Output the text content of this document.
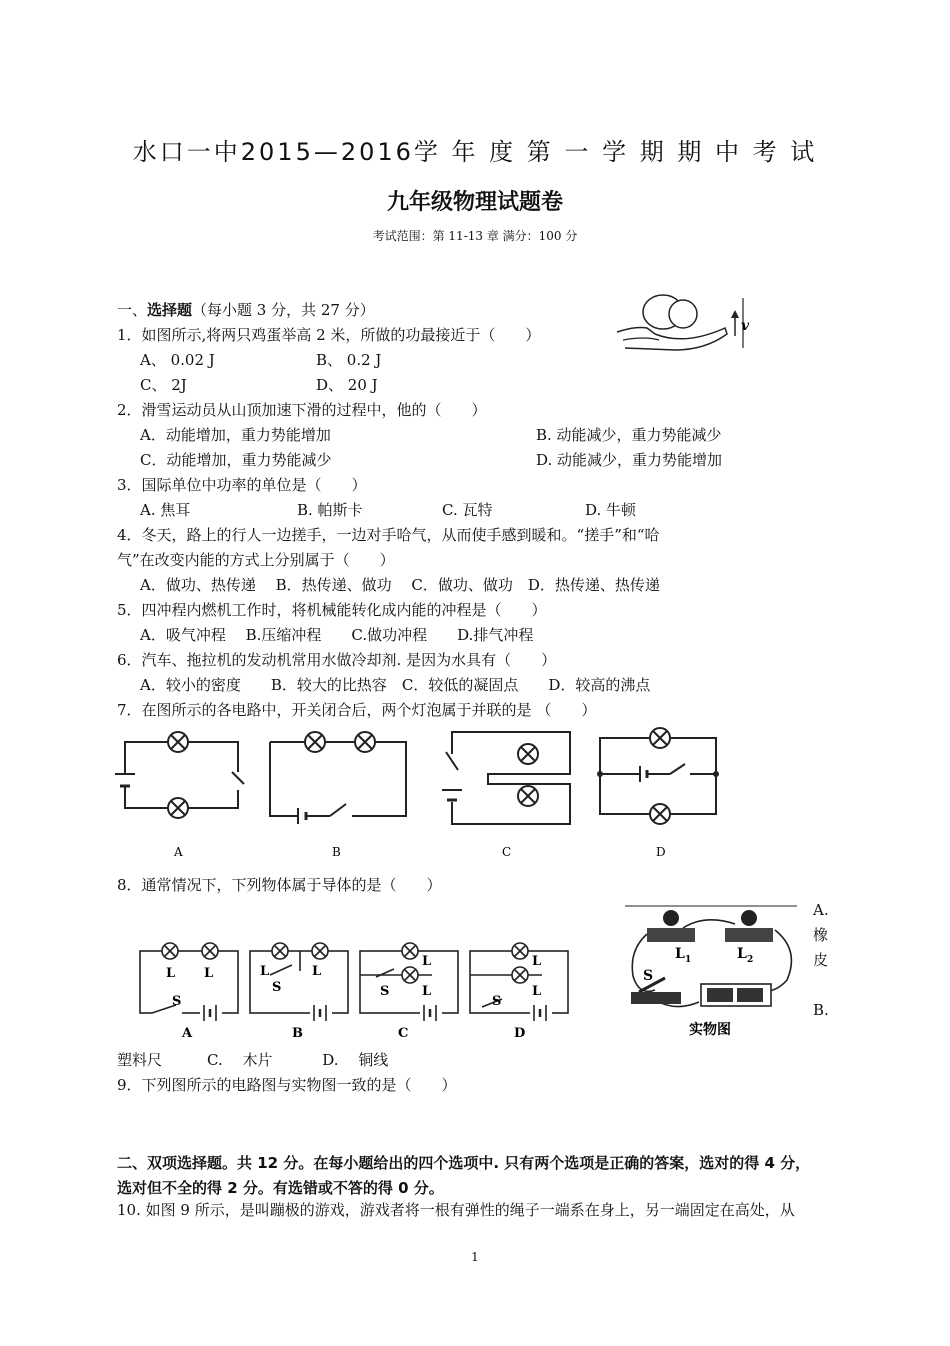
水口一中2015—2016学 年 度 第 一 学 期 期 中 考 试
九年级物理试题卷
考试范围：第 11-13 章 满分：100 分
一、选择题（每小题 3 分，共 27 分）
v
1．如图所示,将两只鸡蛋举高 2 米，所做的功最接近于（　　）
A、 0.02 J	B、 0.2 J
C、 2J	D、 20 J
2．滑雪运动员从山顶加速下滑的过程中，他的（　　）
A．动能增加，重力势能增加	B. 动能减少，重力势能减少
C．动能增加，重力势能减少	D. 动能减少，重力势能增加
3．国际单位中功率的单位是（　　）
A. 焦耳	B. 帕斯卡	C. 瓦特	D. 牛顿
4．冬天，路上的行人一边搓手，一边对手哈气，从而使手感到暖和。“搓手”和“哈
气”在改变内能的方式上分别属于（　　）
A．做功、热传递　 B．热传递、做功　 C．做功、做功　D．热传递、热传递
5．四冲程内燃机工作时，将机械能转化成内能的冲程是（　　）
A．吸气冲程　 B.压缩冲程　　C.做功冲程　　D.排气冲程
6．汽车、拖拉机的发动机常用水做冷却剂. 是因为水具有（　　）
A．较小的密度　　B．较大的比热容　C．较低的凝固点　　D．较高的沸点
7．在图所示的各电路中，开关闭合后，两个灯泡属于并联的是 （　　）
A	B	C	D
8．通常情况下，下列物体属于导体的是（　　）
L L
S
A
L	L
S
B
L
L
S
C
L
L
S
D
L 1	L 2
S
实物图
A.
橡
皮
B.
塑料尺　　　C.　 木片　　　 D.　 铜线
9．下列图所示的电路图与实物图一致的是（　　）
二、双项选择题。共 12 分。在每小题给出的四个选项中. 只有两个选项是正确的答案，选对的得 4 分，
选对但不全的得 2 分。有选错或不答的得 0 分。
10. 如图 9 所示，是叫蹦极的游戏，游戏者将一根有弹性的绳子一端系在身上，另一端固定在高处，从
1
